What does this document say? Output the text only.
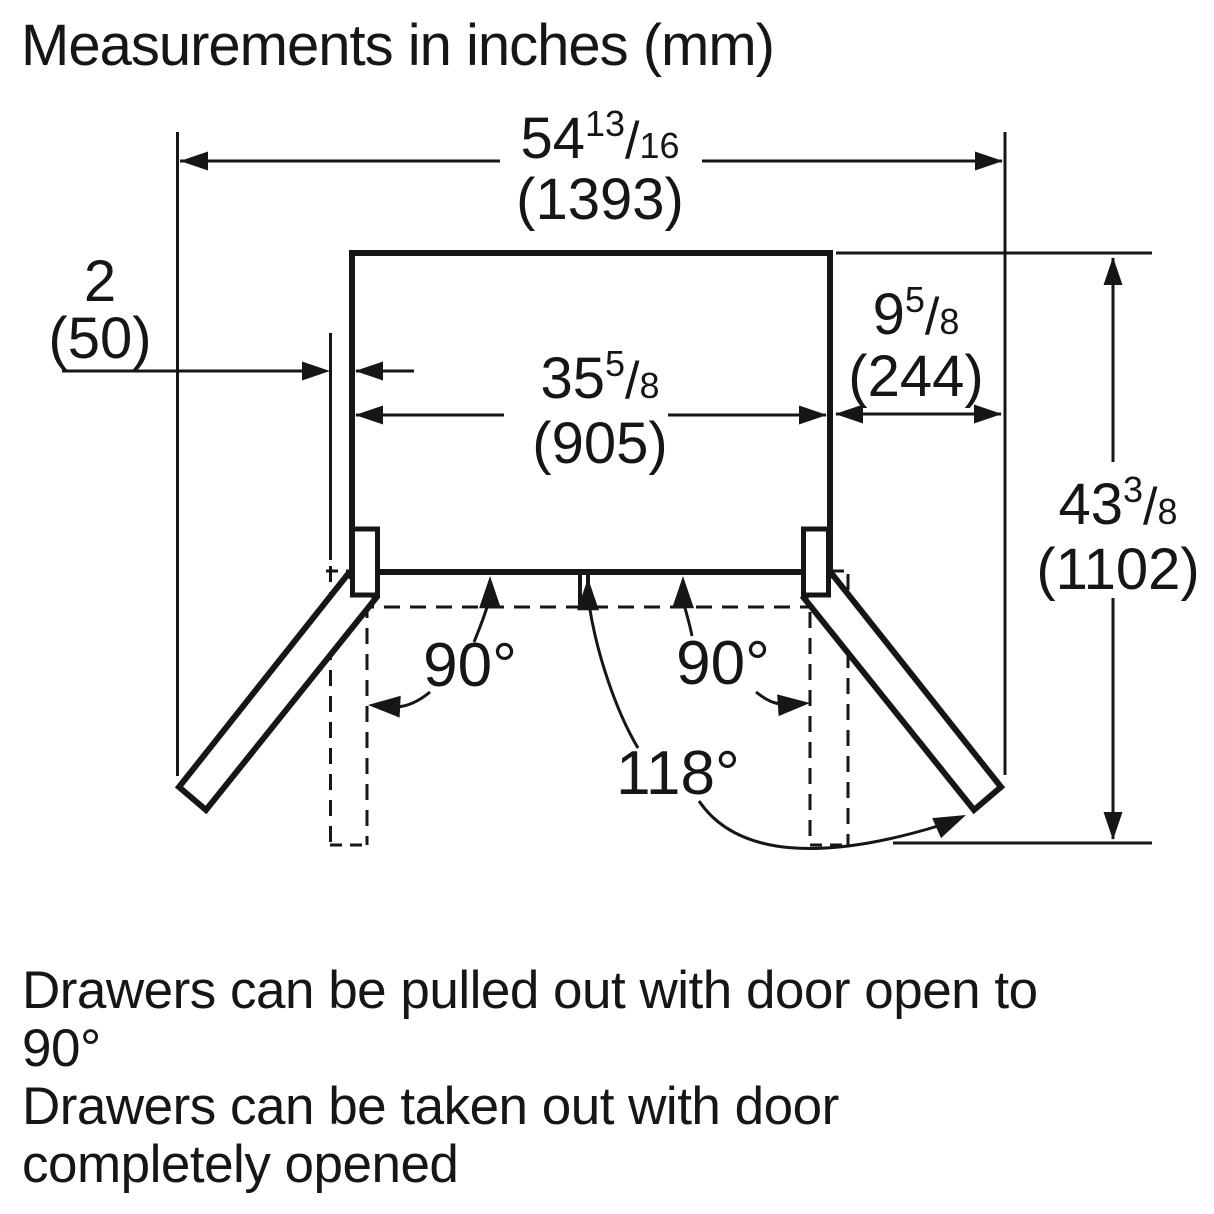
Measurements in inches (mm)
$54^{13}/16$
(1393)
2
(50)
$35^5/8$
(905)
$9^5/8$
(244)
$43^3/8$
(1102)
90°	90°
118°
Drawers can be pulled out with door open to
90°
Drawers can be taken out with door
completely opened
